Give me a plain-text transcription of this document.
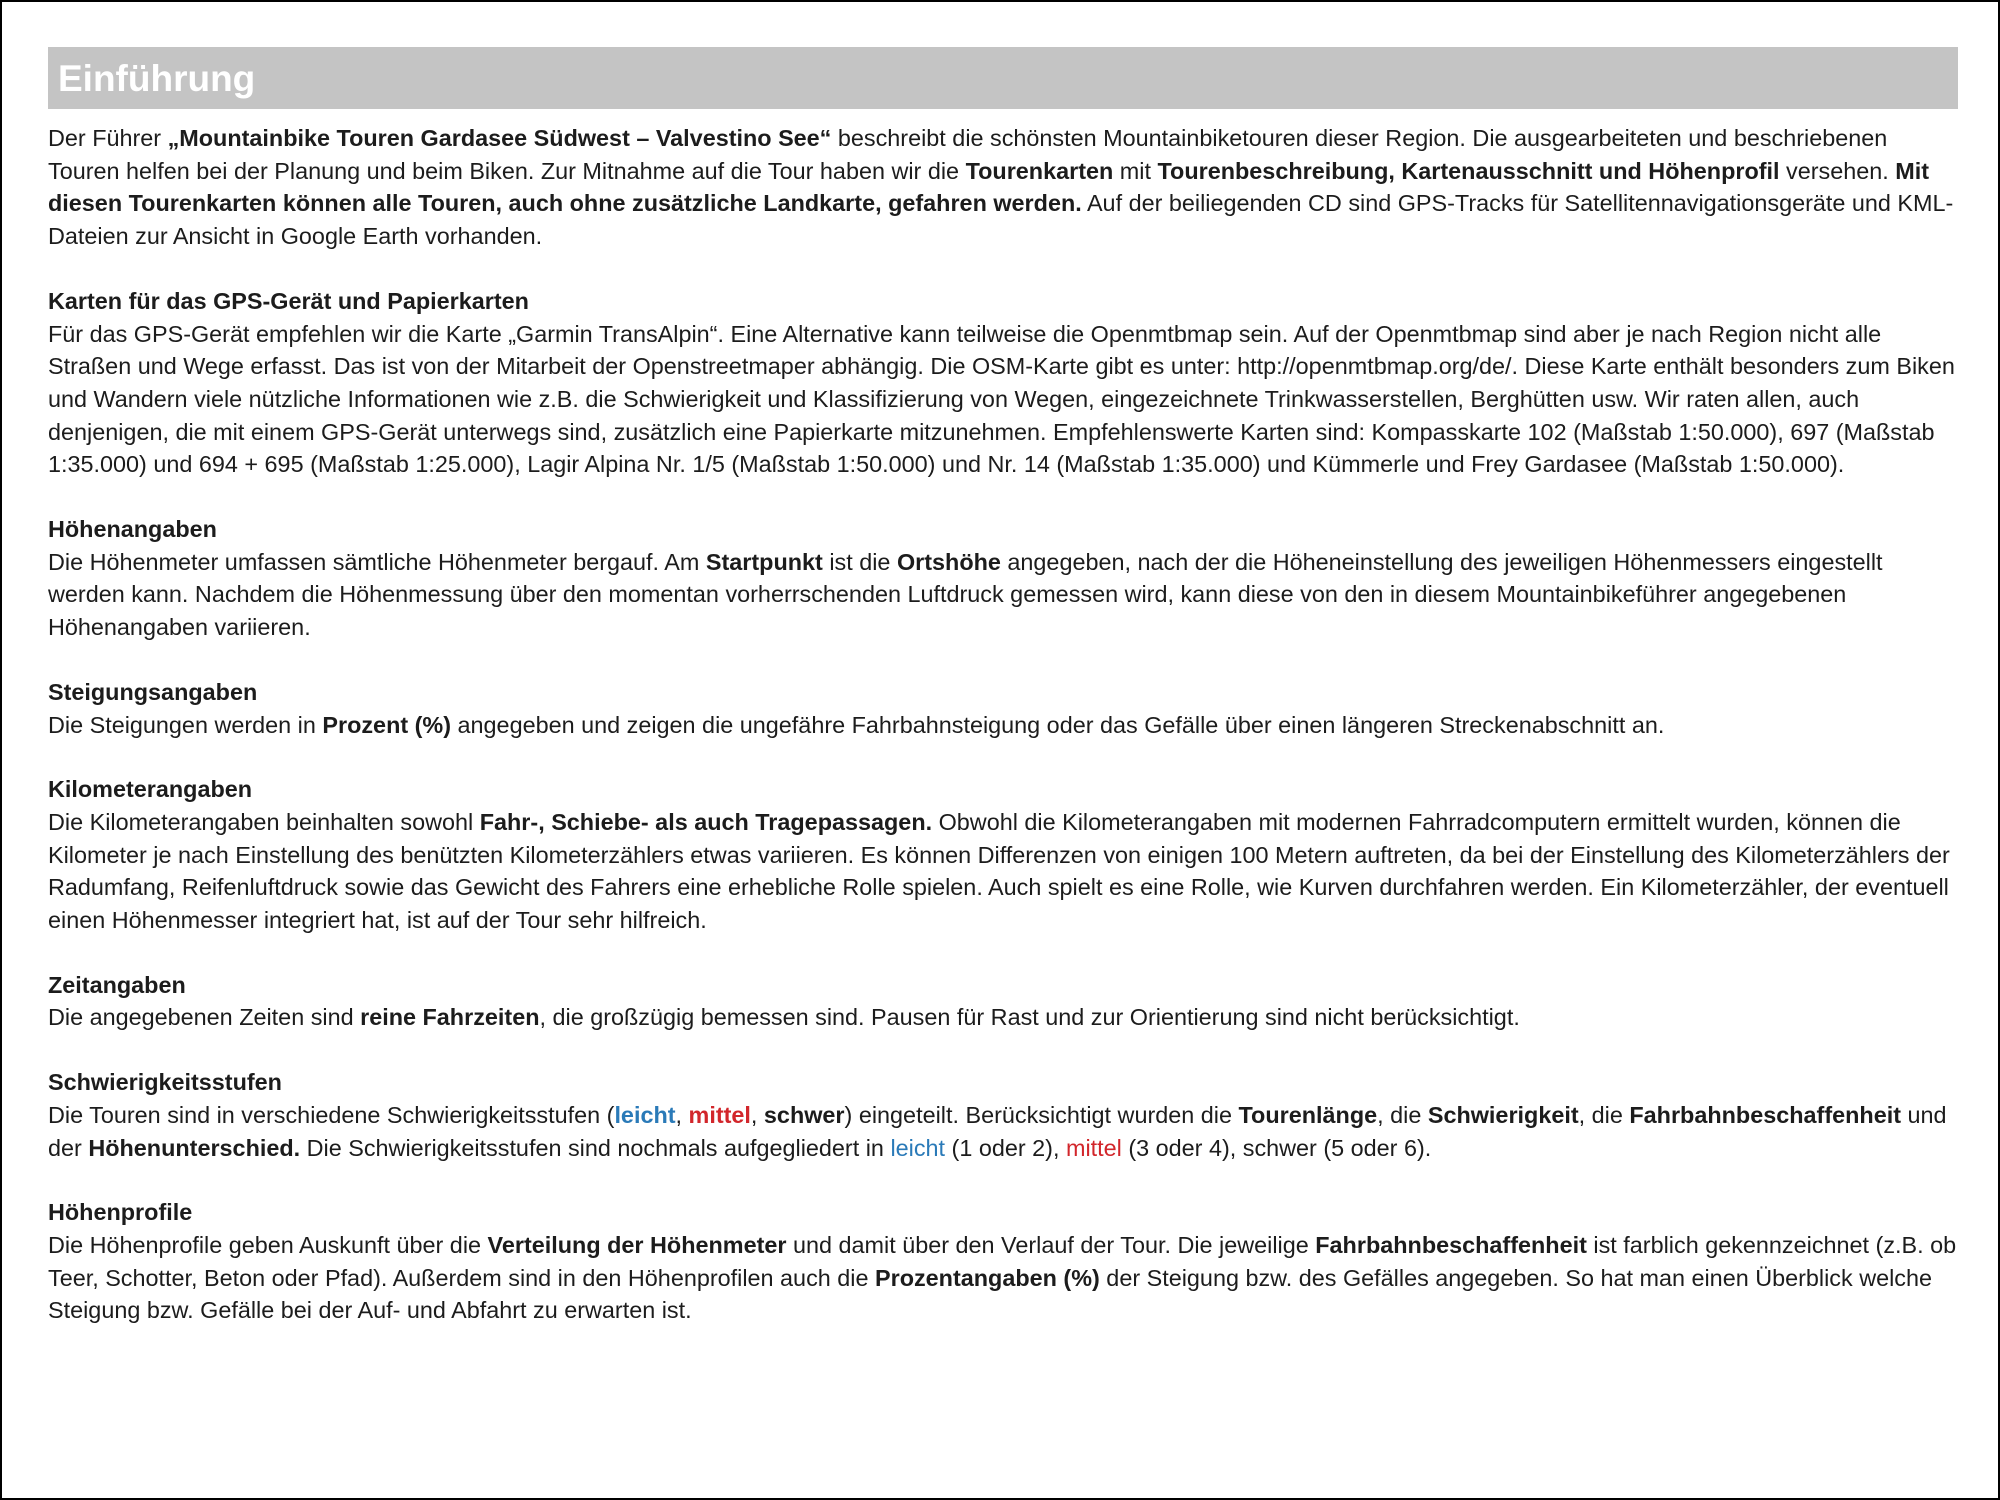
Einführung

Der Führer „Mountainbike Touren Gardasee Südwest – Valvestino See“ beschreibt die schönsten Mountainbiketouren dieser Region. Die ausgearbeiteten und beschriebenen Touren helfen bei der Planung und beim Biken. Zur Mitnahme auf die Tour haben wir die Tourenkarten mit Tourenbeschreibung, Kartenausschnitt und Höhenprofil versehen. Mit diesen Tourenkarten können alle Touren, auch ohne zusätzliche Landkarte, gefahren werden. Auf der beiliegenden CD sind GPS-Tracks für Satellitennavigationsgeräte und KML-Dateien zur Ansicht in Google Earth vorhanden.

Karten für das GPS-Gerät und Papierkarten

Für das GPS-Gerät empfehlen wir die Karte „Garmin TransAlpin“. Eine Alternative kann teilweise die Openmtbmap sein. Auf der Openmtbmap sind aber je nach Region nicht alle Straßen und Wege erfasst. Das ist von der Mitarbeit der Openstreetmaper abhängig. Die OSM-Karte gibt es unter: http://openmtbmap.org/de/. Diese Karte enthält besonders zum Biken und Wandern viele nützliche Informationen wie z.B. die Schwierigkeit und Klassifizierung von Wegen, eingezeichnete Trinkwasserstellen, Berghütten usw. Wir raten allen, auch denjenigen, die mit einem GPS-Gerät unterwegs sind, zusätzlich eine Papierkarte mitzunehmen. Empfehlenswerte Karten sind: Kompasskarte 102 (Maßstab 1:50.000), 697 (Maßstab 1:35.000) und 694 + 695 (Maßstab 1:25.000), Lagir Alpina Nr. 1/5 (Maßstab 1:50.000) und Nr. 14 (Maßstab 1:35.000) und Kümmerle und Frey Gardasee (Maßstab 1:50.000).

Höhenangaben

Die Höhenmeter umfassen sämtliche Höhenmeter bergauf. Am Startpunkt ist die Ortshöhe angegeben, nach der die Höheneinstellung des jeweiligen Höhenmessers eingestellt werden kann. Nachdem die Höhenmessung über den momentan vorherrschenden Luftdruck gemessen wird, kann diese von den in diesem Mountainbikeführer angegebenen Höhenangaben variieren.

Steigungsangaben

Die Steigungen werden in Prozent (%) angegeben und zeigen die ungefähre Fahrbahnsteigung oder das Gefälle über einen längeren Streckenabschnitt an.

Kilometerangaben

Die Kilometerangaben beinhalten sowohl Fahr-, Schiebe- als auch Tragepassagen. Obwohl die Kilometerangaben mit modernen Fahrradcomputern ermittelt wurden, können die Kilometer je nach Einstellung des benützten Kilometerzählers etwas variieren. Es können Differenzen von einigen 100 Metern auftreten, da bei der Einstellung des Kilometerzählers der Radumfang, Reifenluftdruck sowie das Gewicht des Fahrers eine erhebliche Rolle spielen. Auch spielt es eine Rolle, wie Kurven durchfahren werden. Ein Kilometerzähler, der eventuell einen Höhenmesser integriert hat, ist auf der Tour sehr hilfreich.

Zeitangaben

Die angegebenen Zeiten sind reine Fahrzeiten, die großzügig bemessen sind. Pausen für Rast und zur Orientierung sind nicht berücksichtigt.

Schwierigkeitsstufen

Die Touren sind in verschiedene Schwierigkeitsstufen (leicht, mittel, schwer) eingeteilt. Berücksichtigt wurden die Tourenlänge, die Schwierigkeit, die Fahrbahnbeschaffenheit und der Höhenunterschied. Die Schwierigkeitsstufen sind nochmals aufgegliedert in leicht (1 oder 2), mittel (3 oder 4), schwer (5 oder 6).

Höhenprofile

Die Höhenprofile geben Auskunft über die Verteilung der Höhenmeter und damit über den Verlauf der Tour. Die jeweilige Fahrbahnbeschaffenheit ist farblich gekennzeichnet (z.B. ob Teer, Schotter, Beton oder Pfad). Außerdem sind in den Höhenprofilen auch die Prozentangaben (%) der Steigung bzw. des Gefälles angegeben. So hat man einen Überblick welche Steigung bzw. Gefälle bei der Auf- und Abfahrt zu erwarten ist.
